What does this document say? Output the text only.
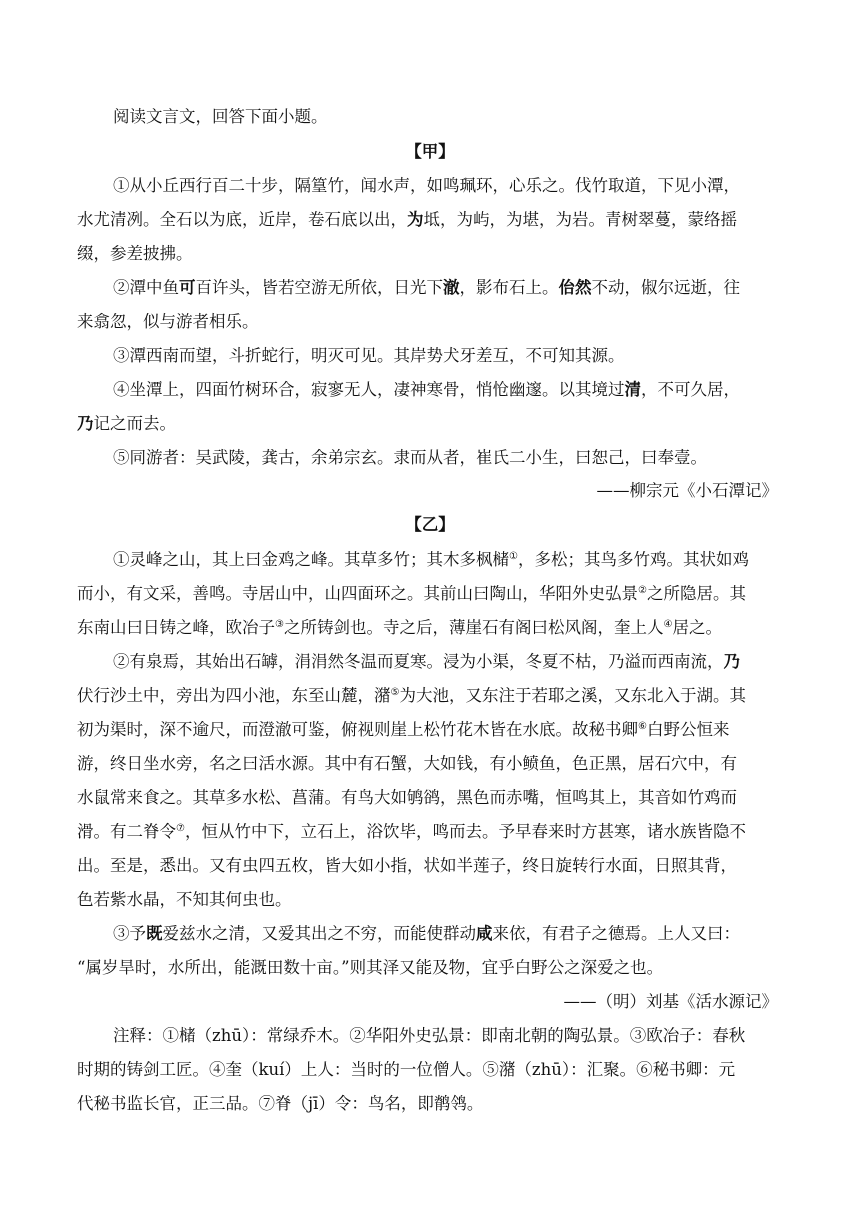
阅读文言文，回答下面小题。
【甲】
①从小丘西行百二十步，隔篁竹，闻水声，如鸣珮环，心乐之。伐竹取道，下见小潭，
水尤清冽。全石以为底，近岸，卷石底以出，为坻，为屿，为堪，为岩。青树翠蔓，蒙络摇
缀，参差披拂。
②潭中鱼可百许头，皆若空游无所依，日光下澈，影布石上。佁然不动，俶尔远逝，往
来翕忽，似与游者相乐。
③潭西南而望，斗折蛇行，明灭可见。其岸势犬牙差互，不可知其源。
④坐潭上，四面竹树环合，寂寥无人，凄神寒骨，悄怆幽邃。以其境过清，不可久居，
乃记之而去。
⑤同游者：吴武陵，龚古，余弟宗玄。隶而从者，崔氏二小生，曰恕己，曰奉壹。
——柳宗元《小石潭记》
【乙】
①灵峰之山，其上曰金鸡之峰。其草多竹；其木多枫槠①，多松；其鸟多竹鸡。其状如鸡
而小，有文采，善鸣。寺居山中，山四面环之。其前山曰陶山，华阳外史弘景②之所隐居。其
东南山曰日铸之峰，欧冶子③之所铸剑也。寺之后，薄崖石有阁曰松风阁，奎上人④居之。
②有泉焉，其始出石罅，涓涓然冬温而夏寒。浸为小渠，冬夏不枯，乃溢而西南流，乃
伏行沙土中，旁出为四小池，东至山麓，潴⑤为大池，又东注于若耶之溪，又东北入于湖。其
初为渠时，深不逾尺，而澄澈可鉴，俯视则崖上松竹花木皆在水底。故秘书卿⑥白野公恒来
游，终日坐水旁，名之曰活水源。其中有石蟹，大如钱，有小鲼鱼，色正黑，居石穴中，有
水鼠常来食之。其草多水松、菖蒲。有鸟大如鸲鹆，黑色而赤嘴，恒鸣其上，其音如竹鸡而
滑。有二脊令⑦，恒从竹中下，立石上，浴饮毕，鸣而去。予早春来时方甚寒，诸水族皆隐不
出。至是，悉出。又有虫四五枚，皆大如小指，状如半莲子，终日旋转行水面，日照其背，
色若紫水晶，不知其何虫也。
③予既爱兹水之清，又爱其出之不穷，而能使群动咸来依，有君子之德焉。上人又曰：
“属岁旱时，水所出，能溉田数十亩。”则其泽又能及物，宜乎白野公之深爱之也。
——（明）刘基《活水源记》
注释：①槠（zhū）：常绿乔木。②华阳外史弘景：即南北朝的陶弘景。③欧冶子：春秋
时期的铸剑工匠。④奎（kuí）上人：当时的一位僧人。⑤潴（zhū）：汇聚。⑥秘书卿：元
代秘书监长官，正三品。⑦脊（jī）令：鸟名，即鹡鸰。
